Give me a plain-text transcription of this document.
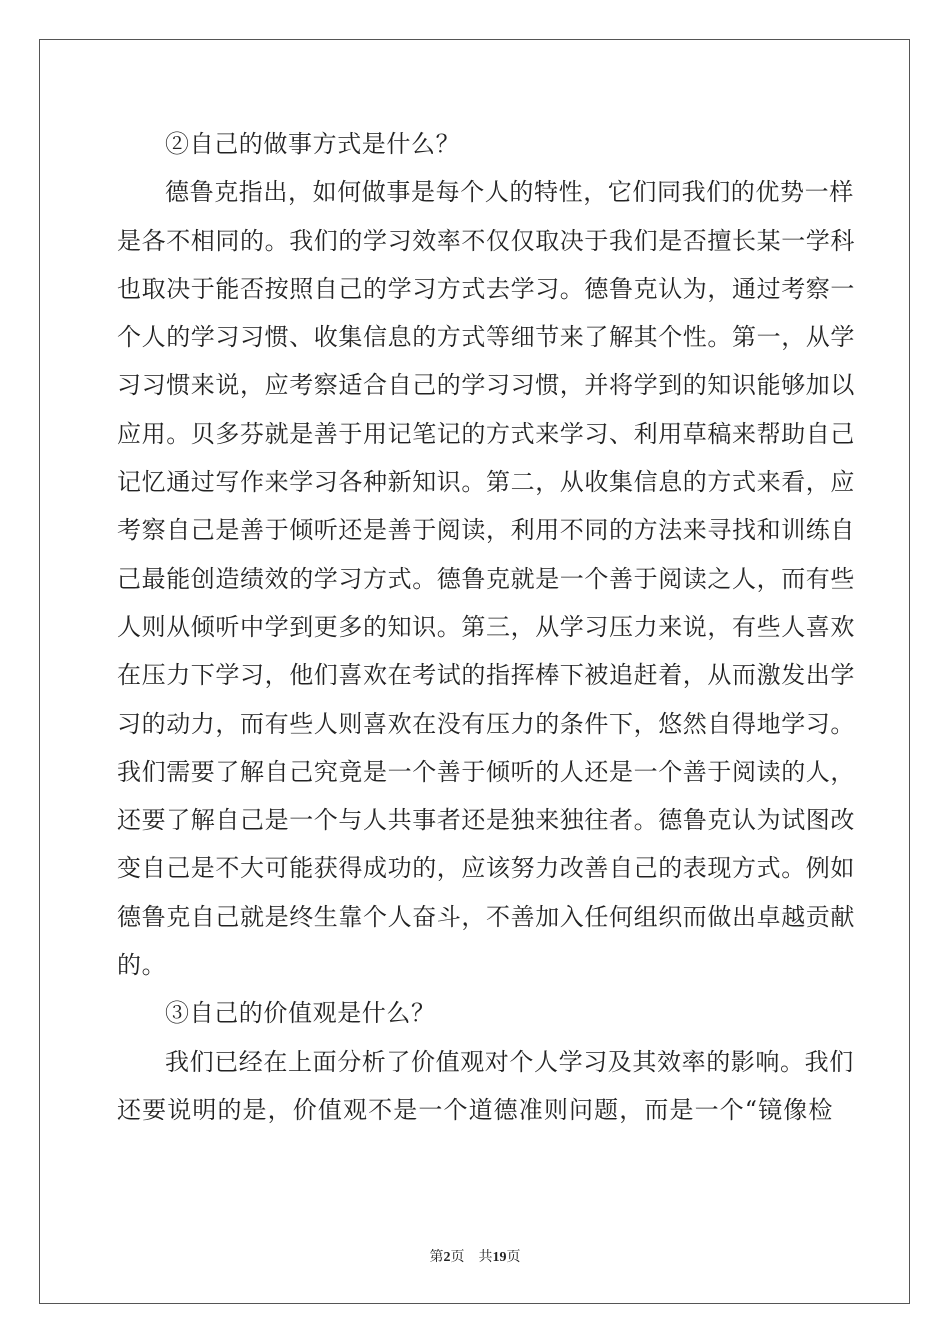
②自己的做事方式是什么？
德鲁克指出，如何做事是每个人的特性，它们同我们的优势一样
是各不相同的。我们的学习效率不仅仅取决于我们是否擅长某一学科
也取决于能否按照自己的学习方式去学习。德鲁克认为，通过考察一
个人的学习习惯、收集信息的方式等细节来了解其个性。第一，从学
习习惯来说，应考察适合自己的学习习惯，并将学到的知识能够加以
应用。贝多芬就是善于用记笔记的方式来学习、利用草稿来帮助自己
记忆通过写作来学习各种新知识。第二，从收集信息的方式来看，应
考察自己是善于倾听还是善于阅读，利用不同的方法来寻找和训练自
己最能创造绩效的学习方式。德鲁克就是一个善于阅读之人，而有些
人则从倾听中学到更多的知识。第三，从学习压力来说，有些人喜欢
在压力下学习，他们喜欢在考试的指挥棒下被追赶着，从而激发出学
习的动力，而有些人则喜欢在没有压力的条件下，悠然自得地学习。
我们需要了解自己究竟是一个善于倾听的人还是一个善于阅读的人，
还要了解自己是一个与人共事者还是独来独往者。德鲁克认为试图改
变自己是不大可能获得成功的，应该努力改善自己的表现方式。例如
德鲁克自己就是终生靠个人奋斗，不善加入任何组织而做出卓越贡献
的。
③自己的价值观是什么？
我们已经在上面分析了价值观对个人学习及其效率的影响。我们
还要说明的是，价值观不是一个道德准则问题，而是一个“镜像检
第2页　共19页
